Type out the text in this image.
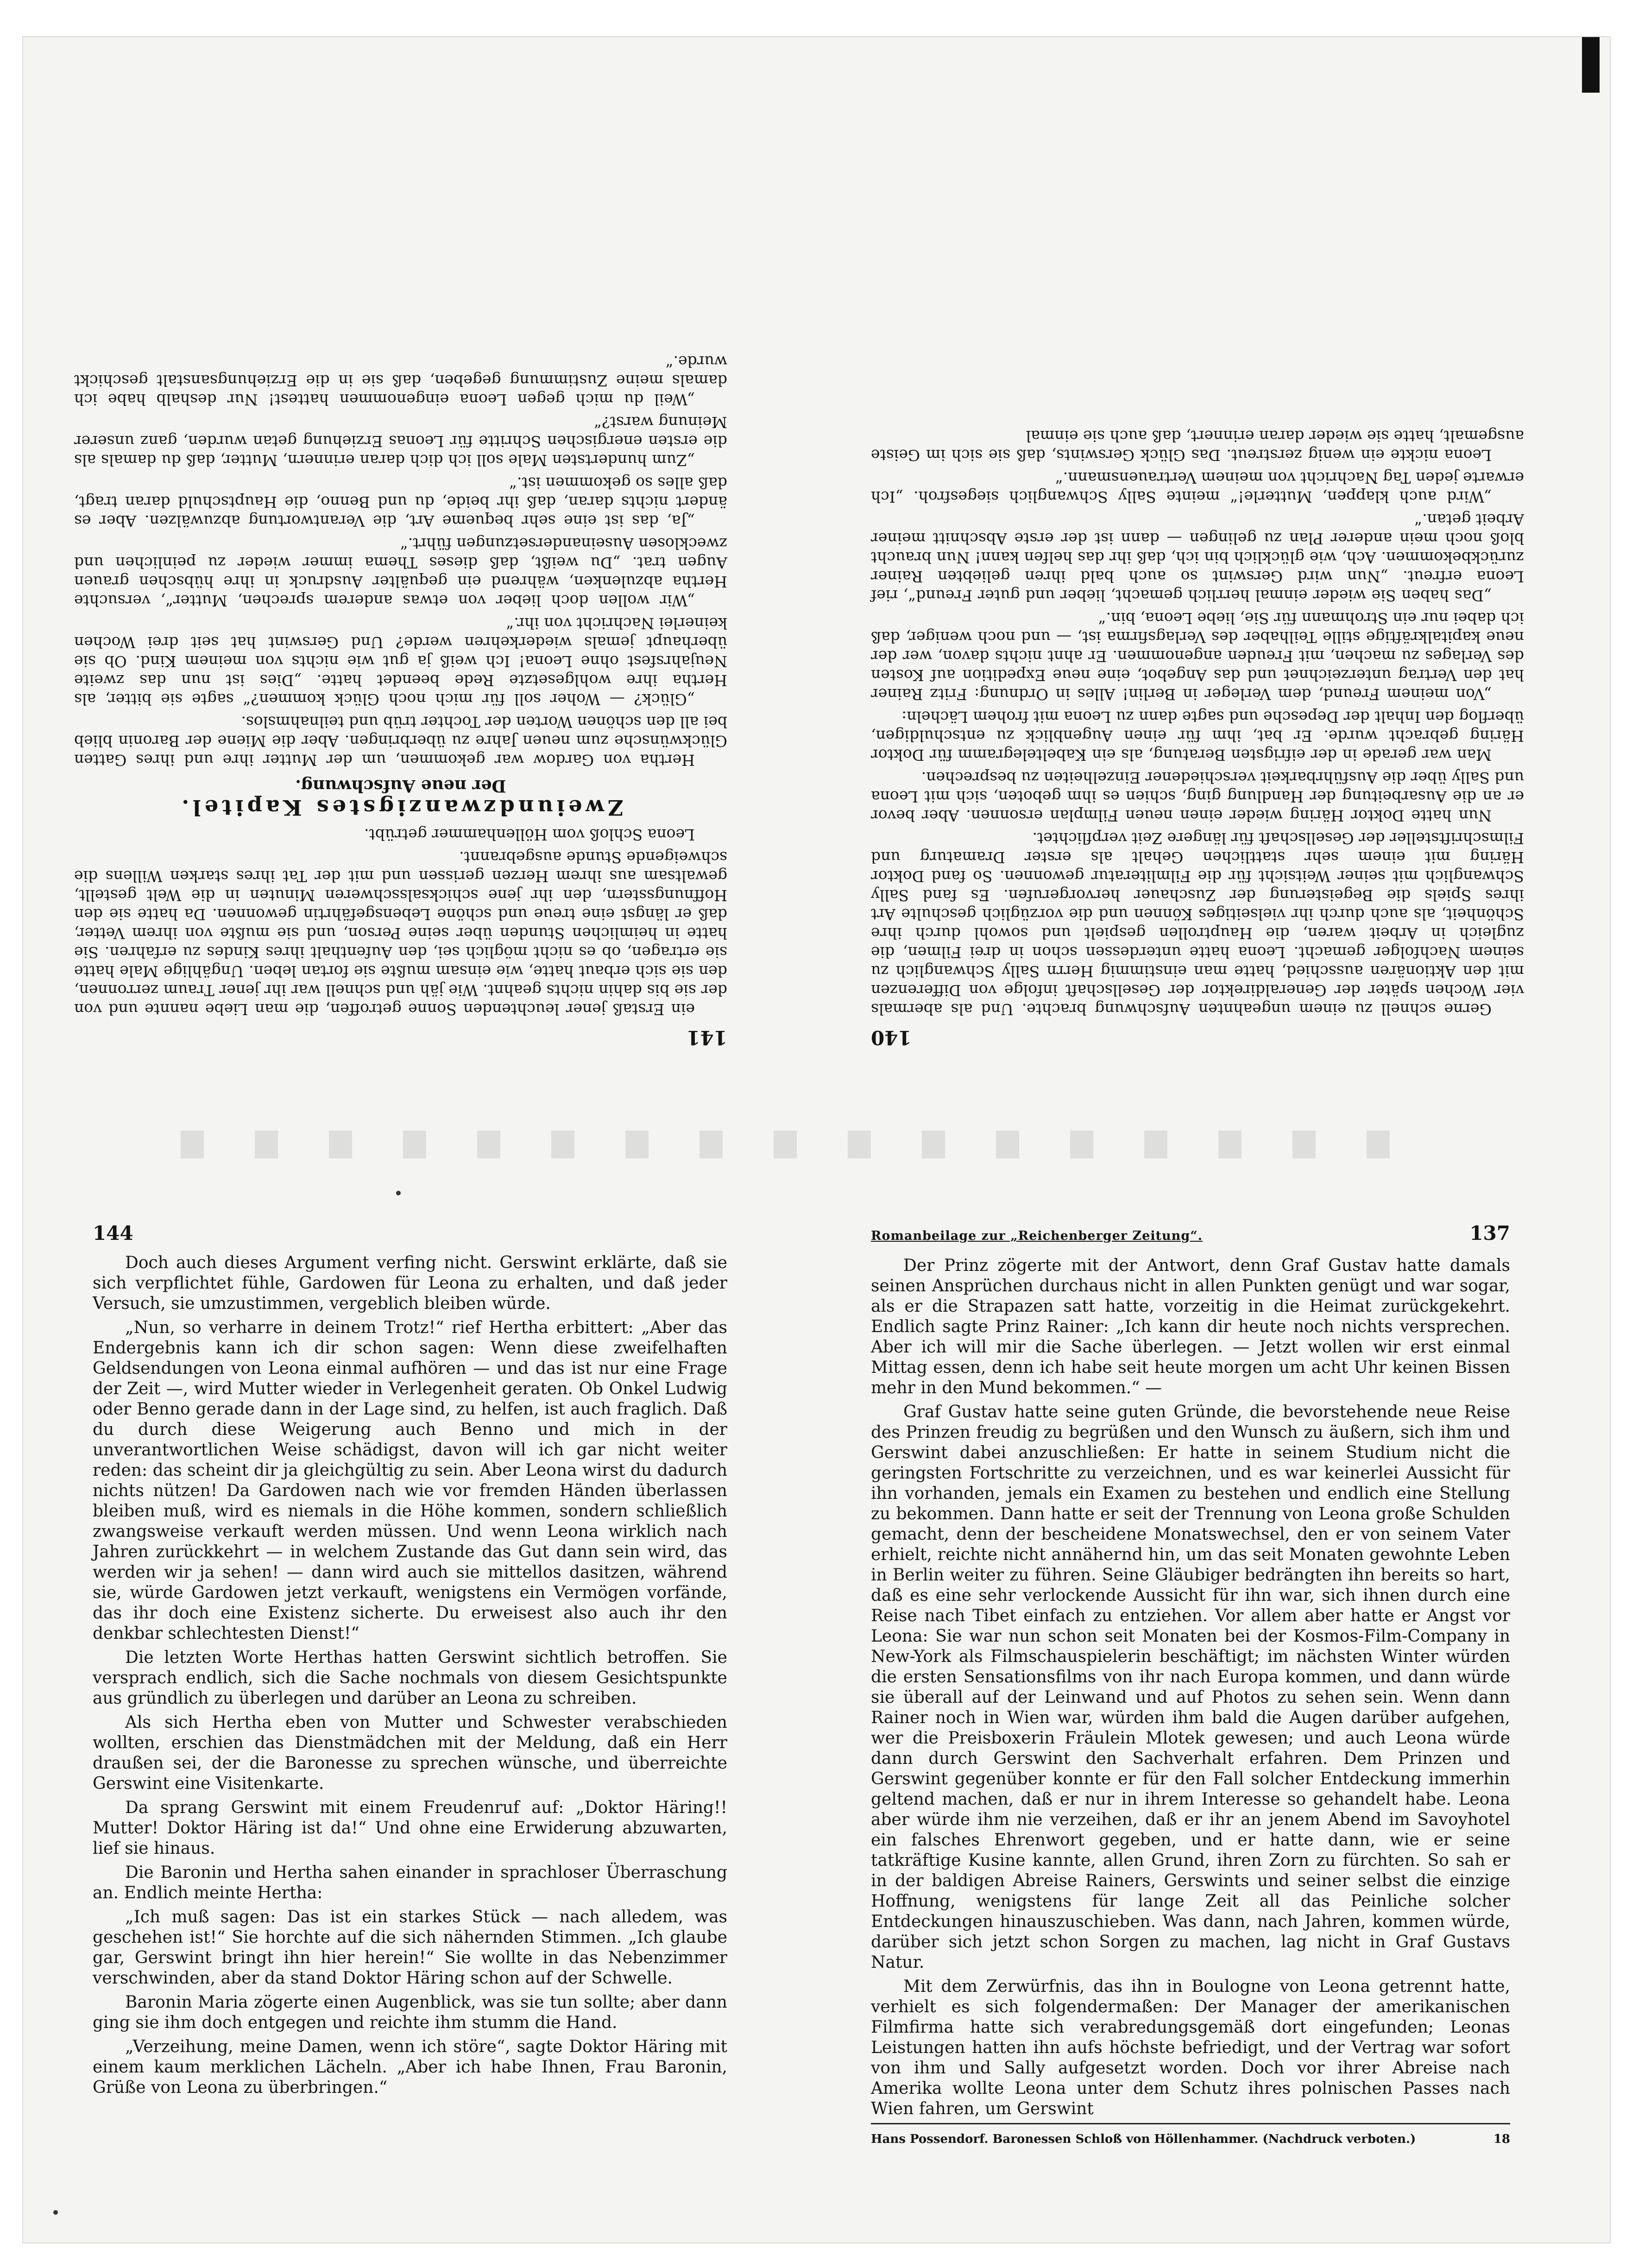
141

ein Erstaß jener leuchtenden Sonne getroffen, die man Liebe nannte und von der sie bis dahin nichts geahnt. Wie jäh und schnell war ihr jener Traum zerronnen, den sie sich erbaut hatte, wie einsam mußte sie fortan leben. Ungählige Male hatte sie ertragen, ob es nicht möglich sei, den Aufenthalt ihres Kindes zu erfahren. Sie hatte in heimlichen Stunden über seine Person, und sie mußte von ihrem Vetter, daß er längst eine treue und schöne Lebensgefährtin gewonnen. Da hatte sie den Hoffnungsstern, den ihr jene schicksalsschweren Minuten in die Welt gestellt, gewaltsam aus ihrem Herzen gerissen und mit der Tat ihres starken Willens die schweigende Stunde ausgebrannt.

Leona Schloß vom Höllenhammer getrübt.

Zweiundzwanzigstes Kapitel.
Der neue Aufschwung.

Hertha von Gardow war gekommen, um der Mutter ihre und ihres Gatten Glückwünsche zum neuen Jahre zu überbringen. Aber die Miene der Baronin blieb bei all den schönen Worten der Tochter trüb und teilnahmslos.

„Glück? — Woher soll für mich noch Glück kommen?“ sagte sie bitter, als Hertha ihre wohlgesetzte Rede beendet hatte. „Dies ist nun das zweite Neujahrsfest ohne Leona! Ich weiß ja gut wie nichts von meinem Kind. Ob sie überhaupt jemals wiederkehren werde? Und Gerswint hat seit drei Wochen keinerlei Nachricht von ihr.“

„Wir wollen doch lieber von etwas anderem sprechen, Mutter“, versuchte Hertha abzulenken, während ein gequälter Ausdruck in ihre hübschen grauen Augen trat. „Du weißt, daß dieses Thema immer wieder zu peinlichen und zwecklosen Auseinandersetzungen führt.“

„Ja, das ist eine sehr bequeme Art, die Verantwortung abzuwälzen. Aber es ändert nichts daran, daß ihr beide, du und Benno, die Hauptschuld daran tragt, daß alles so gekommen ist.“

„Zum hundertsten Male soll ich dich daran erinnern, Mutter, daß du damals als die ersten energischen Schritte für Leonas Erziehung getan wurden, ganz unserer Meinung warst?“

„Weil du mich gegen Leona eingenommen hattest! Nur deshalb habe ich damals meine Zustimmung gegeben, daß sie in die Erziehungsanstalt geschickt wurde.“

140

Gerne schnell zu einem ungeahnten Aufschwung brachte. Und als abermals vier Wochen später der Generaldirektor der Gesellschaft infolge von Differenzen mit den Aktionären ausschied, hatte man einstimmig Herrn Sally Schwanglich zu seinem Nachfolger gemacht. Leona hatte unterdessen schon in drei Filmen, die zugleich in Arbeit waren, die Hauptrollen gespielt und sowohl durch ihre Schönheit, als auch durch ihr vielseitiges Können und die vorzüglich geschulte Art ihres Spiels die Begeisterung der Zuschauer hervorgerufen. Es fand Sally Schwanglich mit seiner Weitsicht für die Filmliteratur gewonnen. So fand Doktor Häring mit einem sehr stattlichen Gehalt als erster Dramaturg und Filmschriftsteller der Gesellschaft für längere Zeit verpflichtet.

Nun hatte Doktor Häring wieder einen neuen Filmplan ersonnen. Aber bevor er an die Ausarbeitung der Handlung ging, schien es ihm geboten, sich mit Leona und Sally über die Ausführbarkeit verschiedener Einzelheiten zu besprechen.

Man war gerade in der eifrigsten Beratung, als ein Kabeltelegramm für Doktor Häring gebracht wurde. Er bat, ihm für einen Augenblick zu entschuldigen, überflog den Inhalt der Depesche und sagte dann zu Leona mit frohem Lächeln:

„Von meinem Freund, dem Verleger in Berlin! Alles in Ordnung: Fritz Rainer hat den Vertrag unterzeichnet und das Angebot, eine neue Expedition auf Kosten des Verlages zu machen, mit Freuden angenommen. Er ahnt nichts davon, wer der neue kapitalkräftige stille Teilhaber des Verlagsfirma ist, — und noch weniger, daß ich dabei nur ein Strohmann für Sie, liebe Leona, bin.“

„Das haben Sie wieder einmal herrlich gemacht, lieber und guter Freund“, rief Leona erfreut. „Nun wird Gerswint so auch bald ihren geliebten Rainer zurückbekommen. Ach, wie glücklich bin ich, daß ihr das helfen kann! Nun braucht bloß noch mein anderer Plan zu gelingen — dann ist der erste Abschnitt meiner Arbeit getan.“

„Wird auch klappen, Mutterle!“ meinte Sally Schwanglich siegesfroh. „Ich erwarte jeden Tag Nachricht von meinem Vertrauensmann.“

Leona nickte ein wenig zerstreut. Das Glück Gerswints, daß sie sich im Geiste ausgemalt, hatte sie wieder daran erinnert, daß auch sie einmal

144

Doch auch dieses Argument verfing nicht. Gerswint erklärte, daß sie sich verpflichtet fühle, Gardowen für Leona zu erhalten, und daß jeder Versuch, sie umzustimmen, vergeblich bleiben würde.

„Nun, so verharre in deinem Trotz!“ rief Hertha erbittert: „Aber das Endergebnis kann ich dir schon sagen: Wenn diese zweifelhaften Geldsendungen von Leona einmal aufhören — und das ist nur eine Frage der Zeit —, wird Mutter wieder in Verlegenheit geraten. Ob Onkel Ludwig oder Benno gerade dann in der Lage sind, zu helfen, ist auch fraglich. Daß du durch diese Weigerung auch Benno und mich in der unverantwortlichen Weise schädigst, davon will ich gar nicht weiter reden: das scheint dir ja gleichgültig zu sein. Aber Leona wirst du dadurch nichts nützen! Da Gardowen nach wie vor fremden Händen überlassen bleiben muß, wird es niemals in die Höhe kommen, sondern schließlich zwangsweise verkauft werden müssen. Und wenn Leona wirklich nach Jahren zurückkehrt — in welchem Zustande das Gut dann sein wird, das werden wir ja sehen! — dann wird auch sie mittellos dasitzen, während sie, würde Gardowen jetzt verkauft, wenigstens ein Vermögen vorfände, das ihr doch eine Existenz sicherte. Du erweisest also auch ihr den denkbar schlechtesten Dienst!“

Die letzten Worte Herthas hatten Gerswint sichtlich betroffen. Sie versprach endlich, sich die Sache nochmals von diesem Gesichtspunkte aus gründlich zu überlegen und darüber an Leona zu schreiben.

Als sich Hertha eben von Mutter und Schwester verabschieden wollten, erschien das Dienstmädchen mit der Meldung, daß ein Herr draußen sei, der die Baronesse zu sprechen wünsche, und überreichte Gerswint eine Visitenkarte.

Da sprang Gerswint mit einem Freudenruf auf: „Doktor Häring!! Mutter! Doktor Häring ist da!“ Und ohne eine Erwiderung abzuwarten, lief sie hinaus.

Die Baronin und Hertha sahen einander in sprachloser Überraschung an. Endlich meinte Hertha:

„Ich muß sagen: Das ist ein starkes Stück — nach alledem, was geschehen ist!“ Sie horchte auf die sich nähernden Stimmen. „Ich glaube gar, Gerswint bringt ihn hier herein!“ Sie wollte in das Nebenzimmer verschwinden, aber da stand Doktor Häring schon auf der Schwelle.

Baronin Maria zögerte einen Augenblick, was sie tun sollte; aber dann ging sie ihm doch entgegen und reichte ihm stumm die Hand.

„Verzeihung, meine Damen, wenn ich störe“, sagte Doktor Häring mit einem kaum merklichen Lächeln. „Aber ich habe Ihnen, Frau Baronin, Grüße von Leona zu überbringen.“

Romanbeilage zur „Reichenberger Zeitung“.	137

Der Prinz zögerte mit der Antwort, denn Graf Gustav hatte damals seinen Ansprüchen durchaus nicht in allen Punkten genügt und war sogar, als er die Strapazen satt hatte, vorzeitig in die Heimat zurückgekehrt. Endlich sagte Prinz Rainer: „Ich kann dir heute noch nichts versprechen. Aber ich will mir die Sache überlegen. — Jetzt wollen wir erst einmal Mittag essen, denn ich habe seit heute morgen um acht Uhr keinen Bissen mehr in den Mund bekommen.“ —

Graf Gustav hatte seine guten Gründe, die bevorstehende neue Reise des Prinzen freudig zu begrüßen und den Wunsch zu äußern, sich ihm und Gerswint dabei anzuschließen: Er hatte in seinem Studium nicht die geringsten Fortschritte zu verzeichnen, und es war keinerlei Aussicht für ihn vorhanden, jemals ein Examen zu bestehen und endlich eine Stellung zu bekommen. Dann hatte er seit der Trennung von Leona große Schulden gemacht, denn der bescheidene Monatswechsel, den er von seinem Vater erhielt, reichte nicht annähernd hin, um das seit Monaten gewohnte Leben in Berlin weiter zu führen. Seine Gläubiger bedrängten ihn bereits so hart, daß es eine sehr verlockende Aussicht für ihn war, sich ihnen durch eine Reise nach Tibet einfach zu entziehen. Vor allem aber hatte er Angst vor Leona: Sie war nun schon seit Monaten bei der Kosmos-Film-Company in New-York als Filmschauspielerin beschäftigt; im nächsten Winter würden die ersten Sensationsfilms von ihr nach Europa kommen, und dann würde sie überall auf der Leinwand und auf Photos zu sehen sein. Wenn dann Rainer noch in Wien war, würden ihm bald die Augen darüber aufgehen, wer die Preisboxerin Fräulein Mlotek gewesen; und auch Leona würde dann durch Gerswint den Sachverhalt erfahren. Dem Prinzen und Gerswint gegenüber konnte er für den Fall solcher Entdeckung immerhin geltend machen, daß er nur in ihrem Interesse so gehandelt habe. Leona aber würde ihm nie verzeihen, daß er ihr an jenem Abend im Savoyhotel ein falsches Ehrenwort gegeben, und er hatte dann, wie er seine tatkräftige Kusine kannte, allen Grund, ihren Zorn zu fürchten. So sah er in der baldigen Abreise Rainers, Gerswints und seiner selbst die einzige Hoffnung, wenigstens für lange Zeit all das Peinliche solcher Entdeckungen hinauszuschieben. Was dann, nach Jahren, kommen würde, darüber sich jetzt schon Sorgen zu machen, lag nicht in Graf Gustavs Natur.

Mit dem Zerwürfnis, das ihn in Boulogne von Leona getrennt hatte, verhielt es sich folgendermaßen: Der Manager der amerikanischen Filmfirma hatte sich verabredungsgemäß dort eingefunden; Leonas Leistungen hatten ihn aufs höchste befriedigt, und der Vertrag war sofort von ihm und Sally aufgesetzt worden. Doch vor ihrer Abreise nach Amerika wollte Leona unter dem Schutz ihres polnischen Passes nach Wien fahren, um Gerswint

Hans Possendorf. Baronessen Schloß von Höllenhammer. (Nachdruck verboten.)	18
